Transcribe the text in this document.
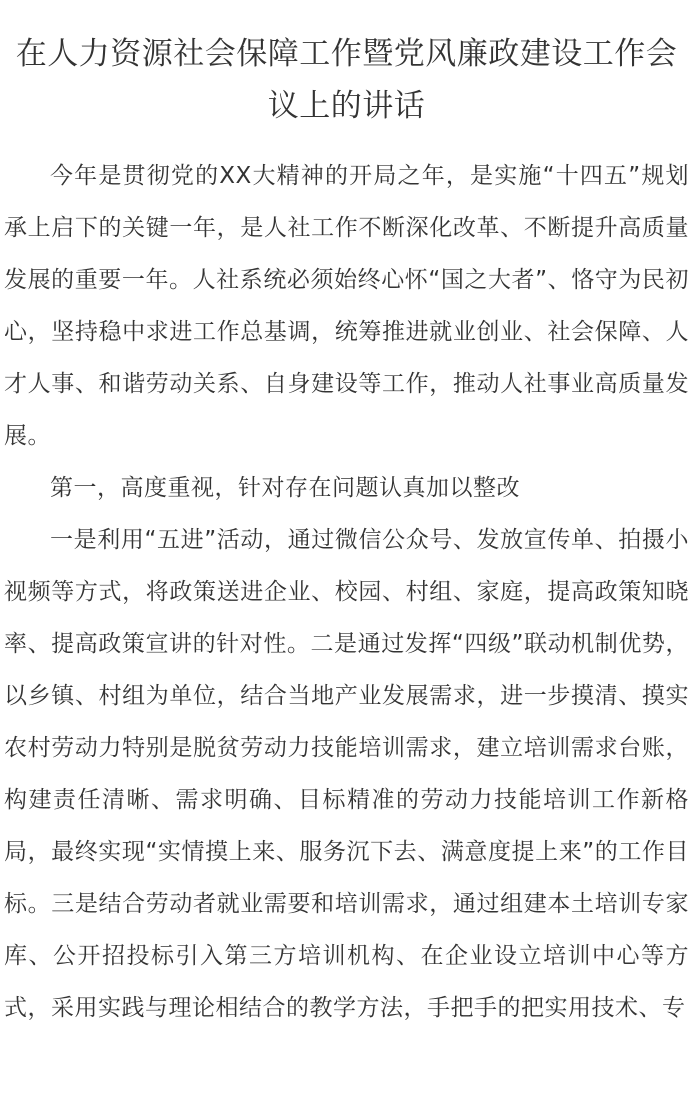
在人力资源社会保障工作暨党风廉政建设工作会议上的讲话

今年是贯彻党的XX大精神的开局之年，是实施“十四五”规划承上启下的关键一年，是人社工作不断深化改革、不断提升高质量发展的重要一年。人社系统必须始终心怀“国之大者”、恪守为民初心，坚持稳中求进工作总基调，统筹推进就业创业、社会保障、人才人事、和谐劳动关系、自身建设等工作，推动人社事业高质量发展。

第一，高度重视，针对存在问题认真加以整改

一是利用“五进”活动，通过微信公众号、发放宣传单、拍摄小视频等方式，将政策送进企业、校园、村组、家庭，提高政策知晓率、提高政策宣讲的针对性。二是通过发挥“四级”联动机制优势，以乡镇、村组为单位，结合当地产业发展需求，进一步摸清、摸实农村劳动力特别是脱贫劳动力技能培训需求，建立培训需求台账，构建责任清晰、需求明确、目标精准的劳动力技能培训工作新格局，最终实现“实情摸上来、服务沉下去、满意度提上来”的工作目标。三是结合劳动者就业需要和培训需求，通过组建本土培训专家库、公开招投标引入第三方培训机构、在企业设立培训中心等方式，采用实践与理论相结合的教学方法，手把手的把实用技术、专
